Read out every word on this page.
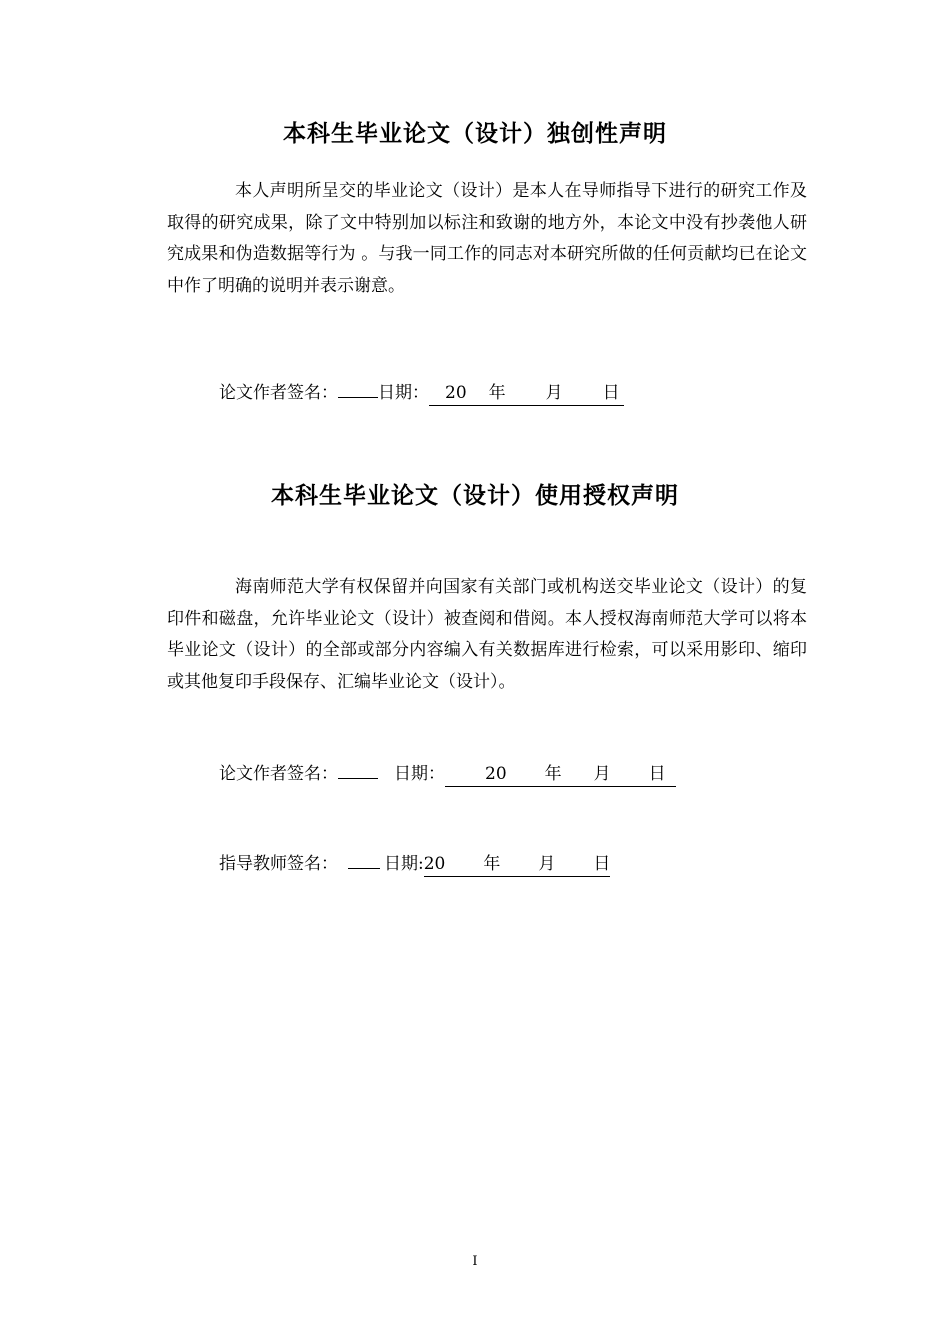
本科生毕业论文（设计）独创性声明
本人声明所呈交的毕业论文（设计）是本人在导师指导下进行的研究工作及取得的研究成果，除了文中特别加以标注和致谢的地方外，本论文中没有抄袭他人研究成果和伪造数据等行为 。与我一同工作的同志对本研究所做的任何贡献均已在论文中作了明确的说明并表示谢意。
论文作者签名： 日期： 20 年 月 日
本科生毕业论文（设计）使用授权声明
海南师范大学有权保留并向国家有关部门或机构送交毕业论文（设计）的复印件和磁盘，允许毕业论文（设计）被查阅和借阅。本人授权海南师范大学可以将本毕业论文（设计）的全部或部分内容编入有关数据库进行检索，可以采用影印、缩印或其他复印手段保存、汇编毕业论文（设计）。
论文作者签名：	日期： 20 年 月 日
指导教师签名：	日期:20 年 月 日
I
